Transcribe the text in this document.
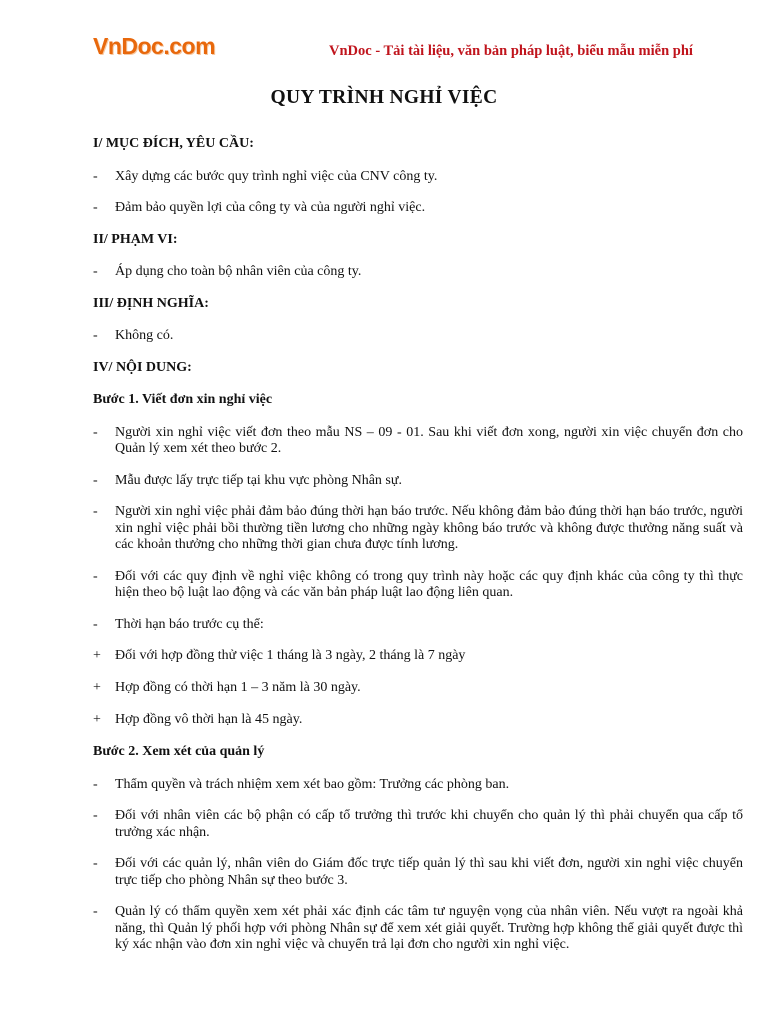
VnDoc.com	VnDoc - Tải tài liệu, văn bản pháp luật, biểu mẫu miễn phí
QUY TRÌNH NGHỈ VIỆC
I/ MỤC ĐÍCH, YÊU CẦU:
-	Xây dựng các bước quy trình nghỉ việc của CNV công ty.
-	Đảm bảo quyền lợi của công ty và của người nghỉ việc.
II/ PHẠM VI:
-	Áp dụng cho toàn bộ nhân viên của công ty.
III/ ĐỊNH NGHĨA:
-	Không có.
IV/ NỘI DUNG:
Bước 1. Viết đơn xin nghỉ việc
-	Người xin nghỉ việc viết đơn theo mẫu NS – 09 - 01. Sau khi viết đơn xong, người xin việc chuyển đơn cho Quản lý xem xét theo bước 2.
-	Mẫu được lấy trực tiếp tại khu vực phòng Nhân sự.
-	Người xin nghỉ việc phải đảm bảo đúng thời hạn báo trước. Nếu không đảm bảo đúng thời hạn báo trước, người xin nghỉ việc phải bồi thường tiền lương cho những ngày không báo trước và không được thưởng năng suất và các khoản thưởng cho những thời gian chưa được tính lương.
-	Đối với các quy định về nghỉ việc không có trong quy trình này hoặc các quy định khác của công ty thì thực hiện theo bộ luật lao động và các văn bản pháp luật lao động liên quan.
-	Thời hạn báo trước cụ thể:
+	Đối với hợp đồng thử việc 1 tháng là 3 ngày, 2 tháng là 7 ngày
+	Hợp đồng có thời hạn 1 – 3 năm là 30 ngày.
+	Hợp đồng vô thời hạn là 45 ngày.
Bước 2. Xem xét của quản lý
-	Thẩm quyền và trách nhiệm xem xét bao gồm: Trưởng các phòng ban.
-	Đối với nhân viên các bộ phận có cấp tổ trưởng thì trước khi chuyển cho quản lý thì phải chuyển qua cấp tổ trưởng xác nhận.
-	Đối với các quản lý, nhân viên do Giám đốc trực tiếp quản lý thì sau khi viết đơn, người xin nghỉ việc chuyển trực tiếp cho phòng Nhân sự theo bước 3.
-	Quản lý có thẩm quyền xem xét phải xác định các tâm tư nguyện vọng của nhân viên. Nếu vượt ra ngoài khả năng, thì Quản lý phối hợp với phòng Nhân sự để xem xét giải quyết. Trường hợp không thể giải quyết được thì ký xác nhận vào đơn xin nghỉ việc và chuyển trả lại đơn cho người xin nghỉ việc.
